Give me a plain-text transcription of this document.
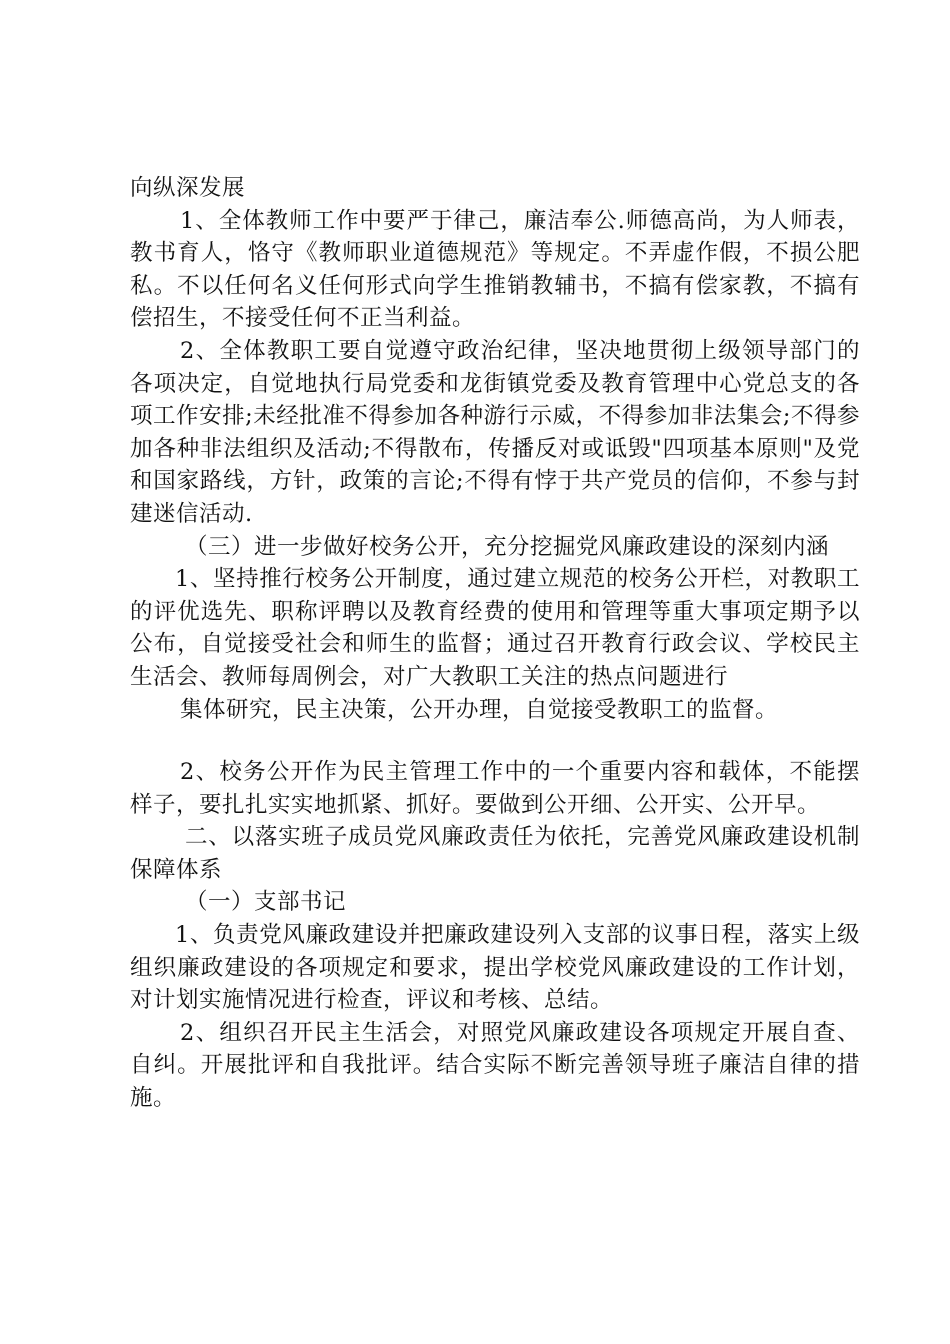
向纵深发展

1、全体教师工作中要严于律己，廉洁奉公.师德高尚，为人师表，教书育人，恪守《教师职业道德规范》等规定。不弄虚作假，不损公肥私。不以任何名义任何形式向学生推销教辅书，不搞有偿家教，不搞有偿招生，不接受任何不正当利益。

2、全体教职工要自觉遵守政治纪律，坚决地贯彻上级领导部门的各项决定，自觉地执行局党委和龙街镇党委及教育管理中心党总支的各项工作安排;未经批准不得参加各种游行示威，不得参加非法集会;不得参加各种非法组织及活动;不得散布，传播反对或诋毁"四项基本原则"及党和国家路线，方针，政策的言论;不得有悖于共产党员的信仰，不参与封建迷信活动.

（三）进一步做好校务公开，充分挖掘党风廉政建设的深刻内涵

1、坚持推行校务公开制度，通过建立规范的校务公开栏，对教职工的评优选先、职称评聘以及教育经费的使用和管理等重大事项定期予以公布，自觉接受社会和师生的监督；通过召开教育行政会议、学校民主生活会、教师每周例会，对广大教职工关注的热点问题进行

集体研究，民主决策，公开办理，自觉接受教职工的监督。

2、校务公开作为民主管理工作中的一个重要内容和载体，不能摆样子，要扎扎实实地抓紧、抓好。要做到公开细、公开实、公开早。

二、以落实班子成员党风廉政责任为依托，完善党风廉政建设机制保障体系

（一）支部书记

1、负责党风廉政建设并把廉政建设列入支部的议事日程，落实上级组织廉政建设的各项规定和要求，提出学校党风廉政建设的工作计划，对计划实施情况进行检查，评议和考核、总结。

2、组织召开民主生活会，对照党风廉政建设各项规定开展自查、自纠。开展批评和自我批评。结合实际不断完善领导班子廉洁自律的措施。
